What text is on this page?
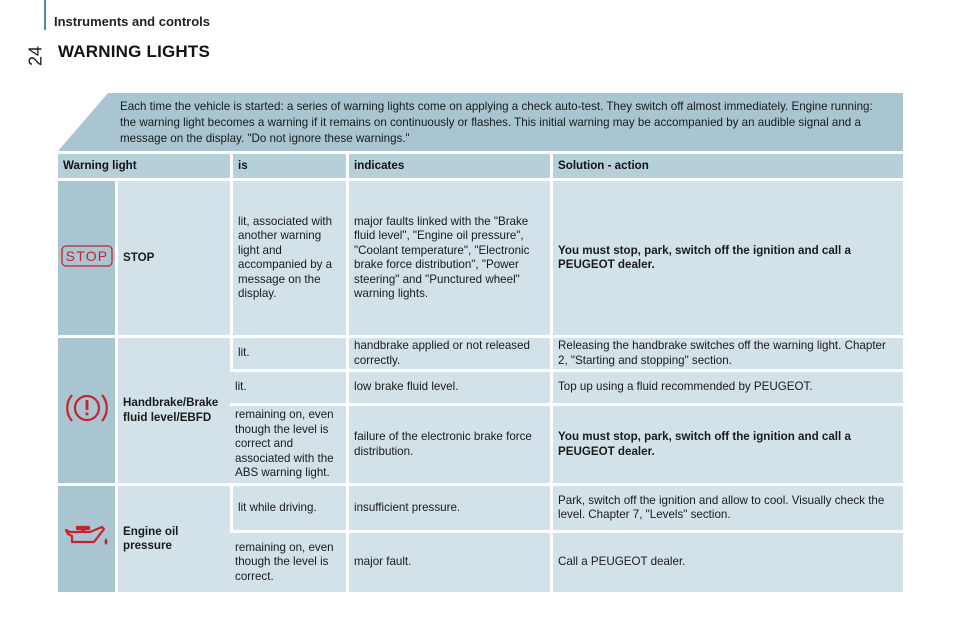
Instruments and controls
24 WARNING LIGHTS
Each time the vehicle is started: a series of warning lights come on applying a check auto-test. They switch off almost immediately. Engine running: the warning light becomes a warning if it remains on continuously or flashes. This initial warning may be accompanied by an audible signal and a message on the display. "Do not ignore these warnings."
Warning light		is	indicates	Solution - action

STOP	STOP	lit, associated with another warning light and accompanied by a message on the display.	major faults linked with the "Brake fluid level", "Engine oil pressure", "Coolant temperature", "Electronic brake force distribution", "Power steering" and "Punctured wheel" warning lights.	You must stop, park, switch off the ignition and call a PEUGEOT dealer.
	Handbrake/Brake fluid level/EBFD	lit.	handbrake applied or not released correctly.	Releasing the handbrake switches off the warning light. Chapter 2, "Starting and stopping" section.
		lit.	low brake fluid level.	Top up using a fluid recommended by PEUGEOT.
		remaining on, even though the level is correct and associated with the ABS warning light.	failure of the electronic brake force distribution.	You must stop, park, switch off the ignition and call a PEUGEOT dealer.
	Engine oil pressure	lit while driving.	insufficient pressure.	Park, switch off the ignition and allow to cool. Visually check the level. Chapter 7, "Levels" section.
		remaining on, even though the level is correct.	major fault.	Call a PEUGEOT dealer.
